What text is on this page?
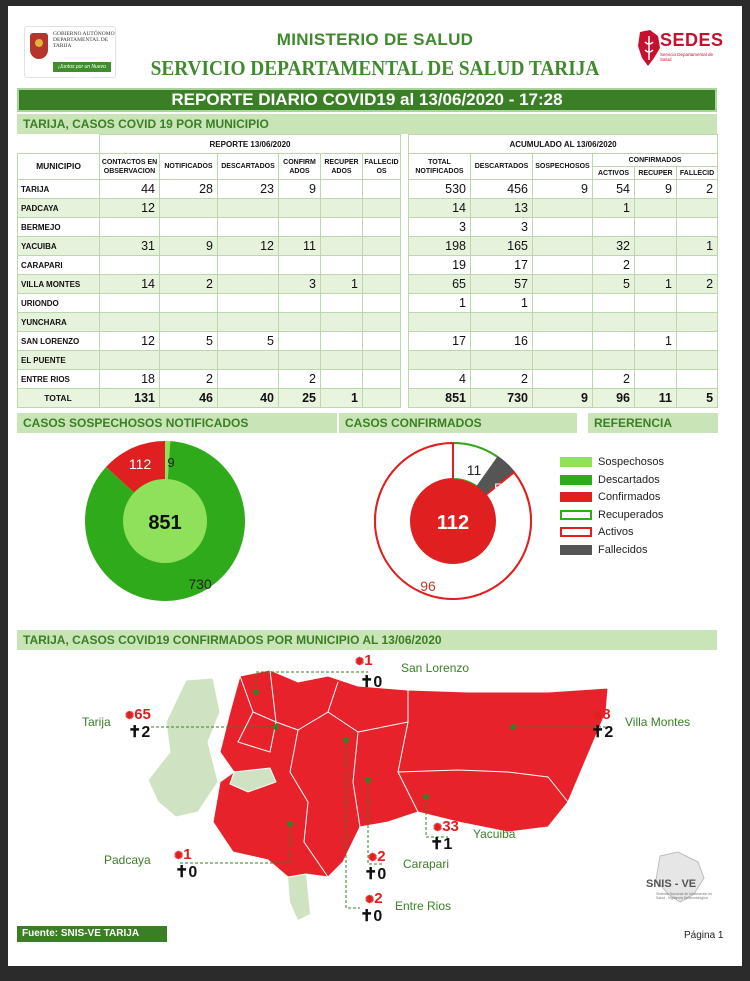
GOBIERNO AUTÓNOMO DEPARTAMENTAL DE TARIJA
¡Juntos por un Nuevo Tiempo!
MINISTERIO DE SALUD
SERVICIO DEPARTAMENTAL DE SALUD TARIJA
SEDES
Servicio Departamental de Salud
REPORTE DIARIO COVID19 al 13/06/2020 - 17:28
TARIJA, CASOS COVID 19 POR MUNICIPIO
	REPORTE 13/06/2020							ACUMULADO AL 13/06/2020					
MUNICIPIO	CONTACTOS EN OBSERVACION	NOTIFICADOS	DESCARTADOS	CONFIRM ADOS	RECUPER ADOS	FALLECID OS		TOTAL NOTIFICADOS	DESCARTADOS	SOSPECHOSOS	CONFIRMADOS		
											ACTIVOS	RECUPER	FALLECID
TARIJA	44	28	23	9				530	456	9	54	9	2
PADCAYA	12							14	13		1		
BERMEJO								3	3				
YACUIBA	31	9	12	11				198	165		32		1
CARAPARI								19	17		2		
VILLA MONTES	14	2		3	1			65	57		5	1	2
URIONDO								1	1				
YUNCHARA													
SAN LORENZO	12	5	5					17	16			1	
EL PUENTE													
ENTRE RIOS	18	2		2				4	2		2		
TOTAL	131	46	40	25	1			851	730	9	96	11	5
CASOS SOSPECHOSOS NOTIFICADOS	CASOS CONFIRMADOS	REFERENCIA
851
9
730
112
112
11
5
96
Sospechosos
Descartados
Confirmados
Recuperados
Activos
Fallecidos
TARIJA, CASOS COVID19 CONFIRMADOS POR MUNICIPIO AL 13/06/2020
San Lorenzo
✺1
✝0
Tarija ✺65
✝2
Villa Montes
✺8
✝2
Yacuiba
✺33
✝1
Padcaya ✺1
✝0	Carapari
✺2
✝0
Entre Rios
✺2
✝0
SNIS - VE
Sistema Nacional de Información en Salud - Vigilancia Epidemiológica
Fuente: SNIS-VE TARIJA	Página 1
